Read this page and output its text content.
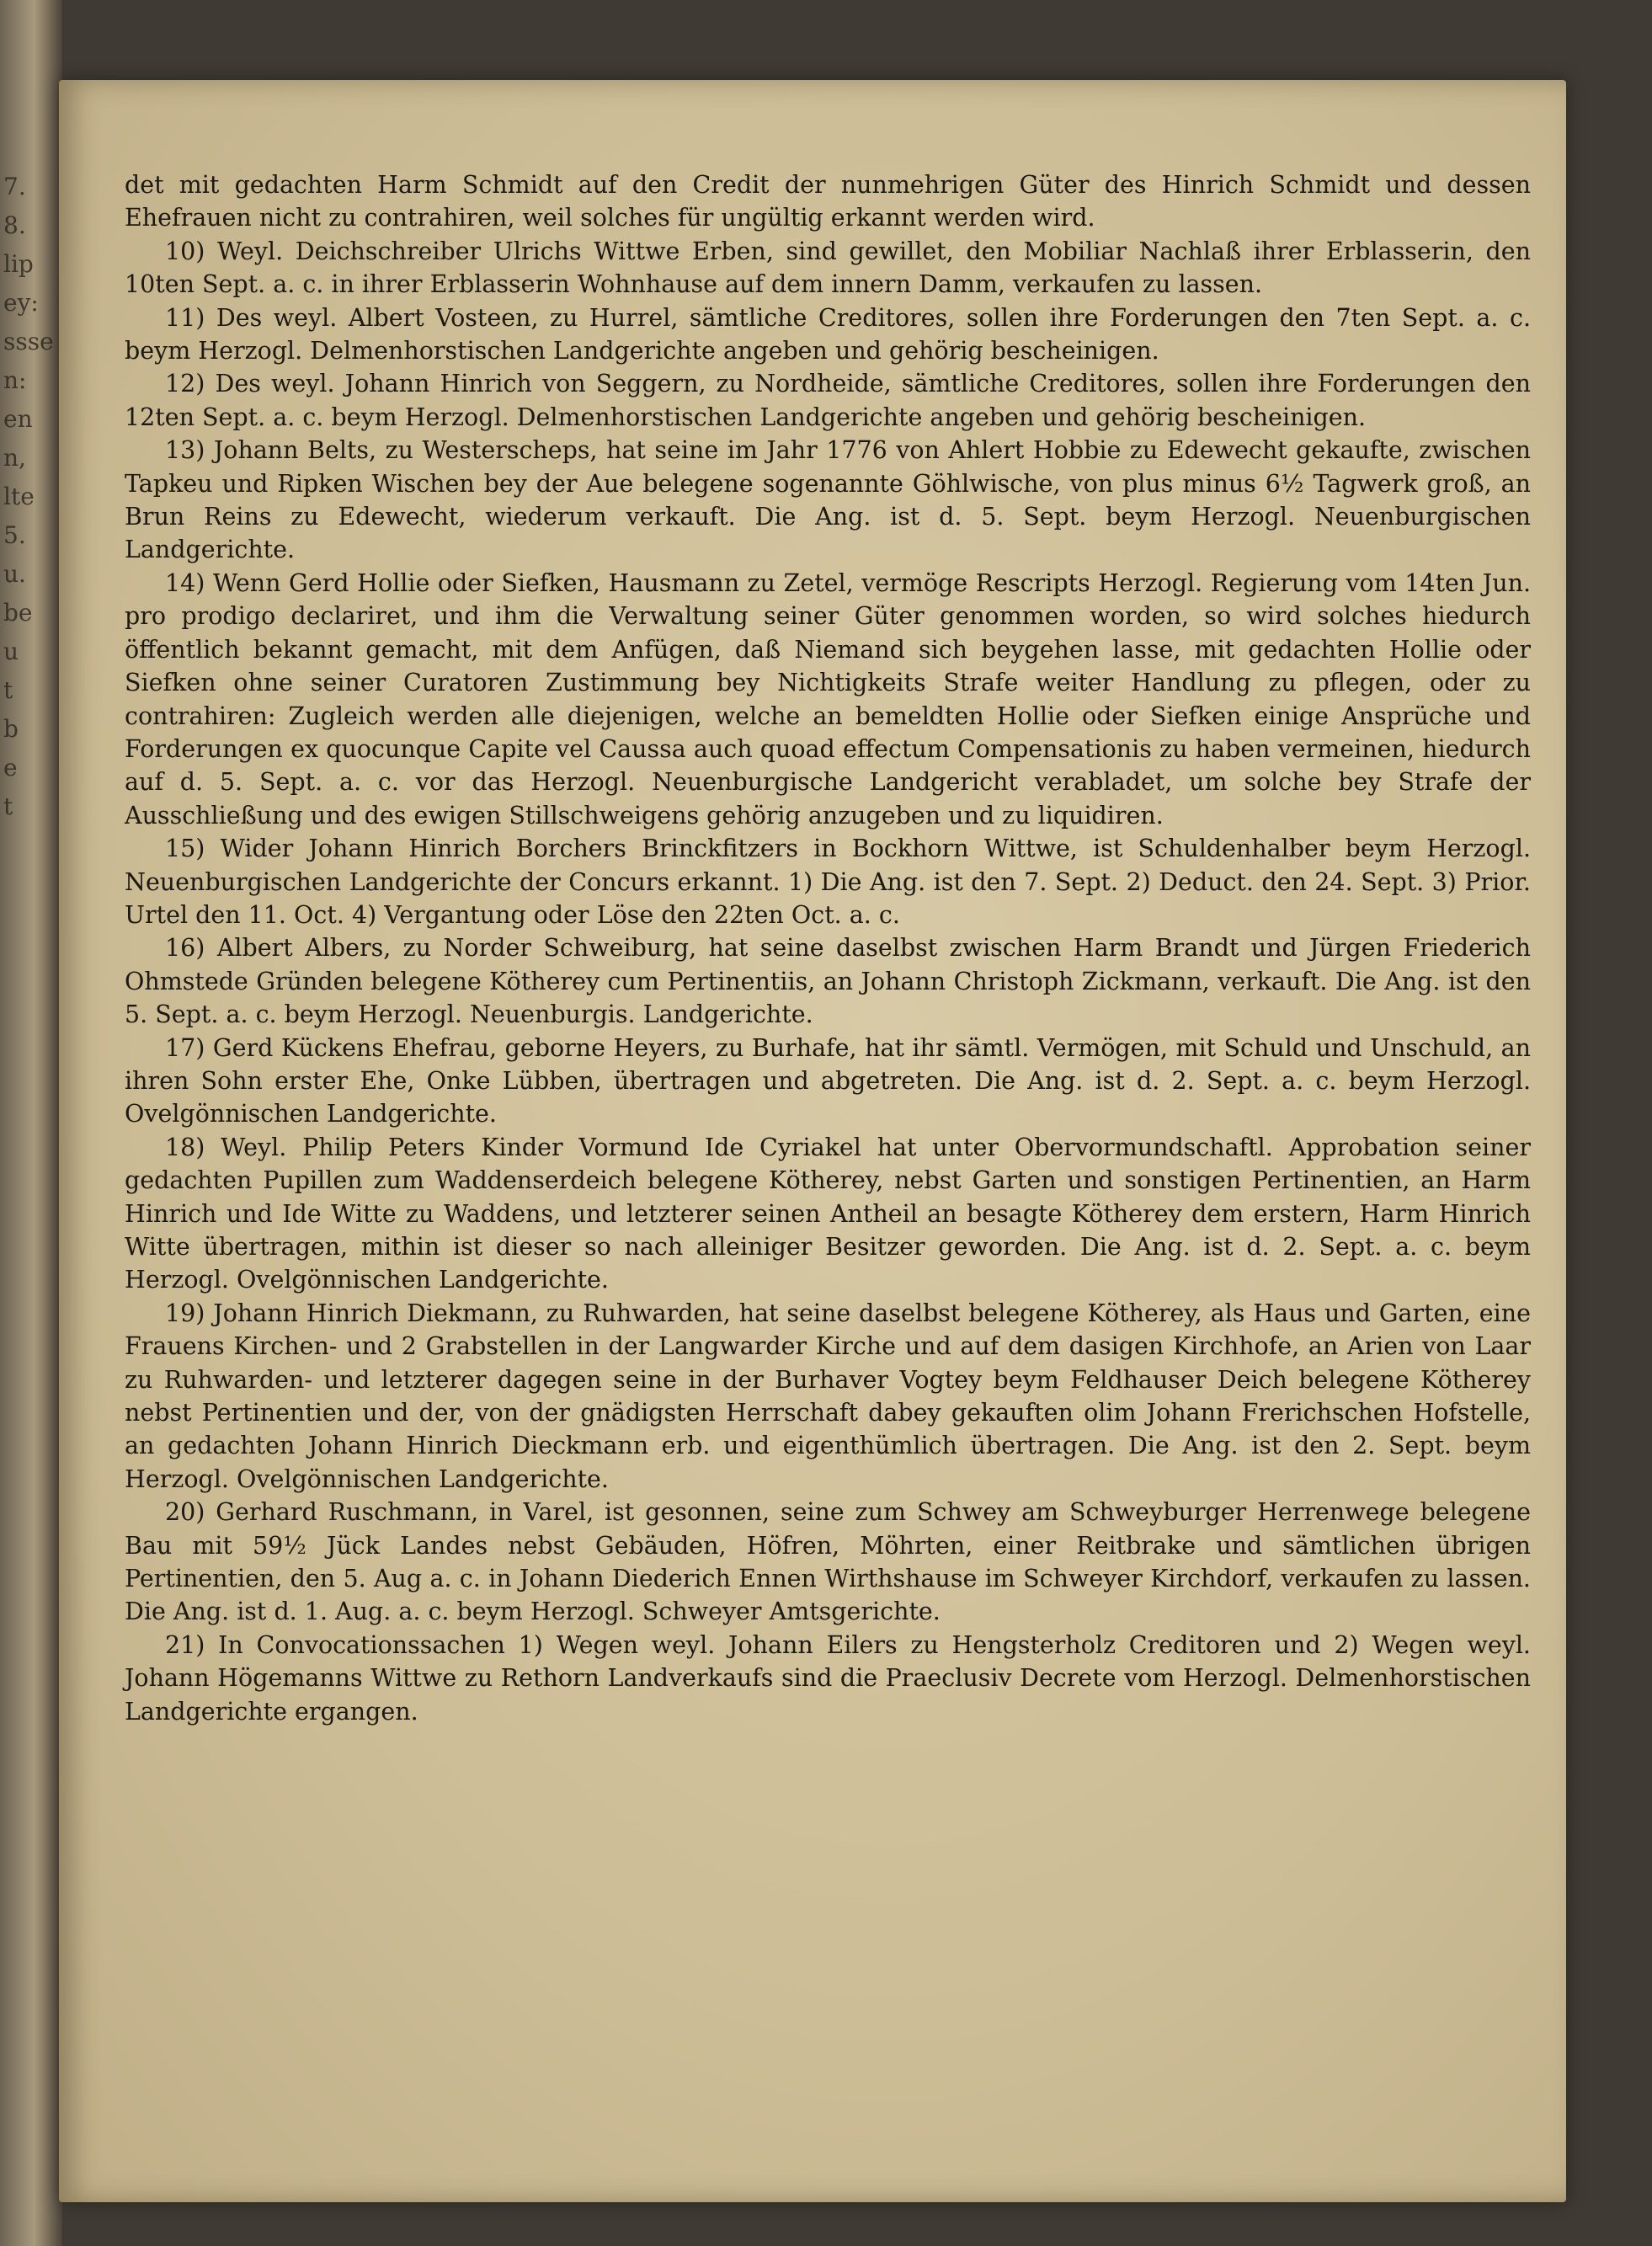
7.
8.
lip
ey:
ssse
n:
en
n,
lte
5.
u.
be
u
t
b
e
t

det mit gedachten Harm Schmidt auf den Credit der nunmehrigen Güter des Hinrich Schmidt und dessen Ehefrauen nicht zu contrahiren, weil solches für ungültig erkannt werden wird.

10) Weyl. Deichschreiber Ulrichs Wittwe Erben, sind gewillet, den Mobiliar Nachlaß ihrer Erblasserin, den 10ten Sept. a. c. in ihrer Erblasserin Wohnhause auf dem innern Damm, verkaufen zu lassen.

11) Des weyl. Albert Vosteen, zu Hurrel, sämtliche Creditores, sollen ihre Forderungen den 7ten Sept. a. c. beym Herzogl. Delmenhorstischen Landgerichte angeben und gehörig bescheinigen.

12) Des weyl. Johann Hinrich von Seggern, zu Nordheide, sämtliche Creditores, sollen ihre Forderungen den 12ten Sept. a. c. beym Herzogl. Delmenhorstischen Landgerichte angeben und gehörig bescheinigen.

13) Johann Belts, zu Westerscheps, hat seine im Jahr 1776 von Ahlert Hobbie zu Edewecht gekaufte, zwischen Tapkeu und Ripken Wischen bey der Aue belegene sogenannte Göhlwische, von plus minus 6½ Tagwerk groß, an Brun Reins zu Edewecht, wiederum verkauft. Die Ang. ist d. 5. Sept. beym Herzogl. Neuenburgischen Landgerichte.

14) Wenn Gerd Hollie oder Siefken, Hausmann zu Zetel, vermöge Rescripts Herzogl. Regierung vom 14ten Jun. pro prodigo declariret, und ihm die Verwaltung seiner Güter genommen worden, so wird solches hiedurch öffentlich bekannt gemacht, mit dem Anfügen, daß Niemand sich beygehen lasse, mit gedachten Hollie oder Siefken ohne seiner Curatoren Zustimmung bey Nichtigkeits Strafe weiter Handlung zu pflegen, oder zu contrahiren: Zugleich werden alle diejenigen, welche an bemeldten Hollie oder Siefken einige Ansprüche und Forderungen ex quocunque Capite vel Caussa auch quoad effectum Compensationis zu haben vermeinen, hiedurch auf d. 5. Sept. a. c. vor das Herzogl. Neuenburgische Landgericht verabladet, um solche bey Strafe der Ausschließung und des ewigen Stillschweigens gehörig anzugeben und zu liquidiren.

15) Wider Johann Hinrich Borchers Brinckfitzers in Bockhorn Wittwe, ist Schuldenhalber beym Herzogl. Neuenburgischen Landgerichte der Concurs erkannt. 1) Die Ang. ist den 7. Sept. 2) Deduct. den 24. Sept. 3) Prior. Urtel den 11. Oct. 4) Vergantung oder Löse den 22ten Oct. a. c.

16) Albert Albers, zu Norder Schweiburg, hat seine daselbst zwischen Harm Brandt und Jürgen Friederich Ohmstede Gründen belegene Kötherey cum Pertinentiis, an Johann Christoph Zickmann, verkauft. Die Ang. ist den 5. Sept. a. c. beym Herzogl. Neuenburgis. Landgerichte.

17) Gerd Kückens Ehefrau, geborne Heyers, zu Burhafe, hat ihr sämtl. Vermögen, mit Schuld und Unschuld, an ihren Sohn erster Ehe, Onke Lübben, übertragen und abgetreten. Die Ang. ist d. 2. Sept. a. c. beym Herzogl. Ovelgönnischen Landgerichte.

18) Weyl. Philip Peters Kinder Vormund Ide Cyriakel hat unter Obervormundschaftl. Approbation seiner gedachten Pupillen zum Waddenserdeich belegene Kötherey, nebst Garten und sonstigen Pertinentien, an Harm Hinrich und Ide Witte zu Waddens, und letzterer seinen Antheil an besagte Kötherey dem erstern, Harm Hinrich Witte übertragen, mithin ist dieser so nach alleiniger Besitzer geworden. Die Ang. ist d. 2. Sept. a. c. beym Herzogl. Ovelgönnischen Landgerichte.

19) Johann Hinrich Diekmann, zu Ruhwarden, hat seine daselbst belegene Kötherey, als Haus und Garten, eine Frauens Kirchen- und 2 Grabstellen in der Langwarder Kirche und auf dem dasigen Kirchhofe, an Arien von Laar zu Ruhwarden- und letzterer dagegen seine in der Burhaver Vogtey beym Feldhauser Deich belegene Kötherey nebst Pertinentien und der, von der gnädigsten Herrschaft dabey gekauften olim Johann Frerichschen Hofstelle, an gedachten Johann Hinrich Dieckmann erb. und eigenthümlich übertragen. Die Ang. ist den 2. Sept. beym Herzogl. Ovelgönnischen Landgerichte.

20) Gerhard Ruschmann, in Varel, ist gesonnen, seine zum Schwey am Schweyburger Herrenwege belegene Bau mit 59½ Jück Landes nebst Gebäuden, Höfren, Möhrten, einer Reitbrake und sämtlichen übrigen Pertinentien, den 5. Aug a. c. in Johann Diederich Ennen Wirthshause im Schweyer Kirchdorf, verkaufen zu lassen. Die Ang. ist d. 1. Aug. a. c. beym Herzogl. Schweyer Amtsgerichte.

21) In Convocationssachen 1) Wegen weyl. Johann Eilers zu Hengsterholz Creditoren und 2) Wegen weyl. Johann Högemanns Wittwe zu Rethorn Landverkaufs sind die Praeclusiv Decrete vom Herzogl. Delmenhorstischen Landgerichte ergangen.
